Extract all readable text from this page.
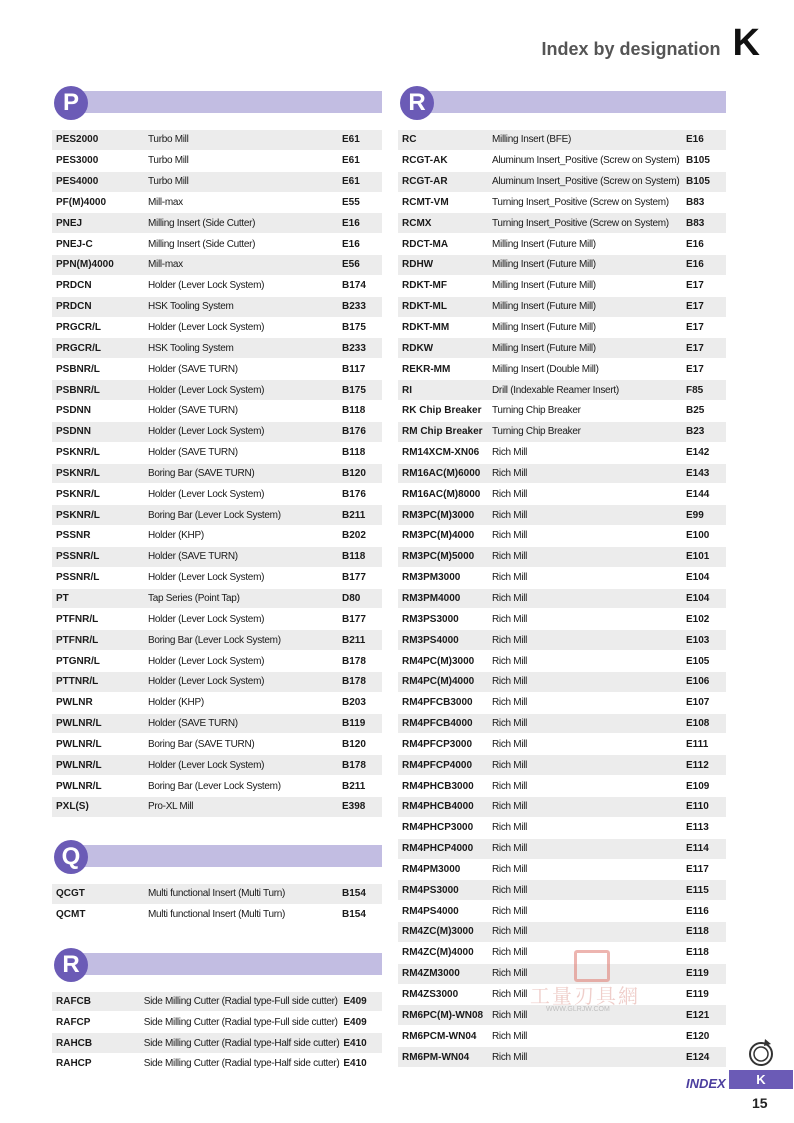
Index by designation K
P
PES2000	Turbo Mill	E61
PES3000	Turbo Mill	E61
PES4000	Turbo Mill	E61
PF(M)4000	Mill-max	E55
PNEJ	Milling Insert (Side Cutter)	E16
PNEJ-C	Milling Insert (Side Cutter)	E16
PPN(M)4000	Mill-max	E56
PRDCN	Holder (Lever Lock System)	B174
PRDCN	HSK Tooling System	B233
PRGCR/L	Holder (Lever Lock System)	B175
PRGCR/L	HSK Tooling System	B233
PSBNR/L	Holder (SAVE TURN)	B117
PSBNR/L	Holder (Lever Lock System)	B175
PSDNN	Holder (SAVE TURN)	B118
PSDNN	Holder (Lever Lock System)	B176
PSKNR/L	Holder (SAVE TURN)	B118
PSKNR/L	Boring Bar (SAVE TURN)	B120
PSKNR/L	Holder (Lever Lock System)	B176
PSKNR/L	Boring Bar (Lever Lock System)	B211
PSSNR	Holder (KHP)	B202
PSSNR/L	Holder (SAVE TURN)	B118
PSSNR/L	Holder (Lever Lock System)	B177
PT	Tap Series (Point Tap)	D80
PTFNR/L	Holder (Lever Lock System)	B177
PTFNR/L	Boring Bar (Lever Lock System)	B211
PTGNR/L	Holder (Lever Lock System)	B178
PTTNR/L	Holder (Lever Lock System)	B178
PWLNR	Holder (KHP)	B203
PWLNR/L	Holder (SAVE TURN)	B119
PWLNR/L	Boring Bar (SAVE TURN)	B120
PWLNR/L	Holder (Lever Lock System)	B178
PWLNR/L	Boring Bar (Lever Lock System)	B211
PXL(S)	Pro-XL Mill	E398
Q
QCGT	Multi functional Insert (Multi Turn)	B154
QCMT	Multi functional Insert (Multi Turn)	B154
R
RAFCB	Side Milling Cutter (Radial type-Full side cutter)	E409
RAFCP	Side Milling Cutter (Radial type-Full side cutter)	E409
RAHCB	Side Milling Cutter (Radial type-Half side cutter)	E410
RAHCP	Side Milling Cutter (Radial type-Half side cutter)	E410
R
RC	Milling Insert (BFE)	E16
RCGT-AK	Aluminum Insert_Positive (Screw on System)	B105
RCGT-AR	Aluminum Insert_Positive (Screw on System)	B105
RCMT-VM	Turning Insert_Positive (Screw on System)	B83
RCMX	Turning Insert_Positive (Screw on System)	B83
RDCT-MA	Milling Insert (Future Mill)	E16
RDHW	Milling Insert (Future Mill)	E16
RDKT-MF	Milling Insert (Future Mill)	E17
RDKT-ML	Milling Insert (Future Mill)	E17
RDKT-MM	Milling Insert (Future Mill)	E17
RDKW	Milling Insert (Future Mill)	E17
REKR-MM	Milling Insert (Double Mill)	E17
RI	Drill (Indexable Reamer Insert)	F85
RK Chip Breaker	Turning Chip Breaker	B25
RM Chip Breaker	Turning Chip Breaker	B23
RM14XCM-XN06	Rich Mill	E142
RM16AC(M)6000	Rich Mill	E143
RM16AC(M)8000	Rich Mill	E144
RM3PC(M)3000	Rich Mill	E99
RM3PC(M)4000	Rich Mill	E100
RM3PC(M)5000	Rich Mill	E101
RM3PM3000	Rich Mill	E104
RM3PM4000	Rich Mill	E104
RM3PS3000	Rich Mill	E102
RM3PS4000	Rich Mill	E103
RM4PC(M)3000	Rich Mill	E105
RM4PC(M)4000	Rich Mill	E106
RM4PFCB3000	Rich Mill	E107
RM4PFCB4000	Rich Mill	E108
RM4PFCP3000	Rich Mill	E111
RM4PFCP4000	Rich Mill	E112
RM4PHCB3000	Rich Mill	E109
RM4PHCB4000	Rich Mill	E110
RM4PHCP3000	Rich Mill	E113
RM4PHCP4000	Rich Mill	E114
RM4PM3000	Rich Mill	E117
RM4PS3000	Rich Mill	E115
RM4PS4000	Rich Mill	E116
RM4ZC(M)3000	Rich Mill	E118
RM4ZC(M)4000	Rich Mill	E118
RM4ZM3000	Rich Mill	E119
RM4ZS3000	Rich Mill	E119
RM6PC(M)-WN08	Rich Mill	E121
RM6PCM-WN04	Rich Mill	E120
RM6PM-WN04	Rich Mill	E124
工量刃具網
WWW.GLRJW.COM
INDEX	K
15
